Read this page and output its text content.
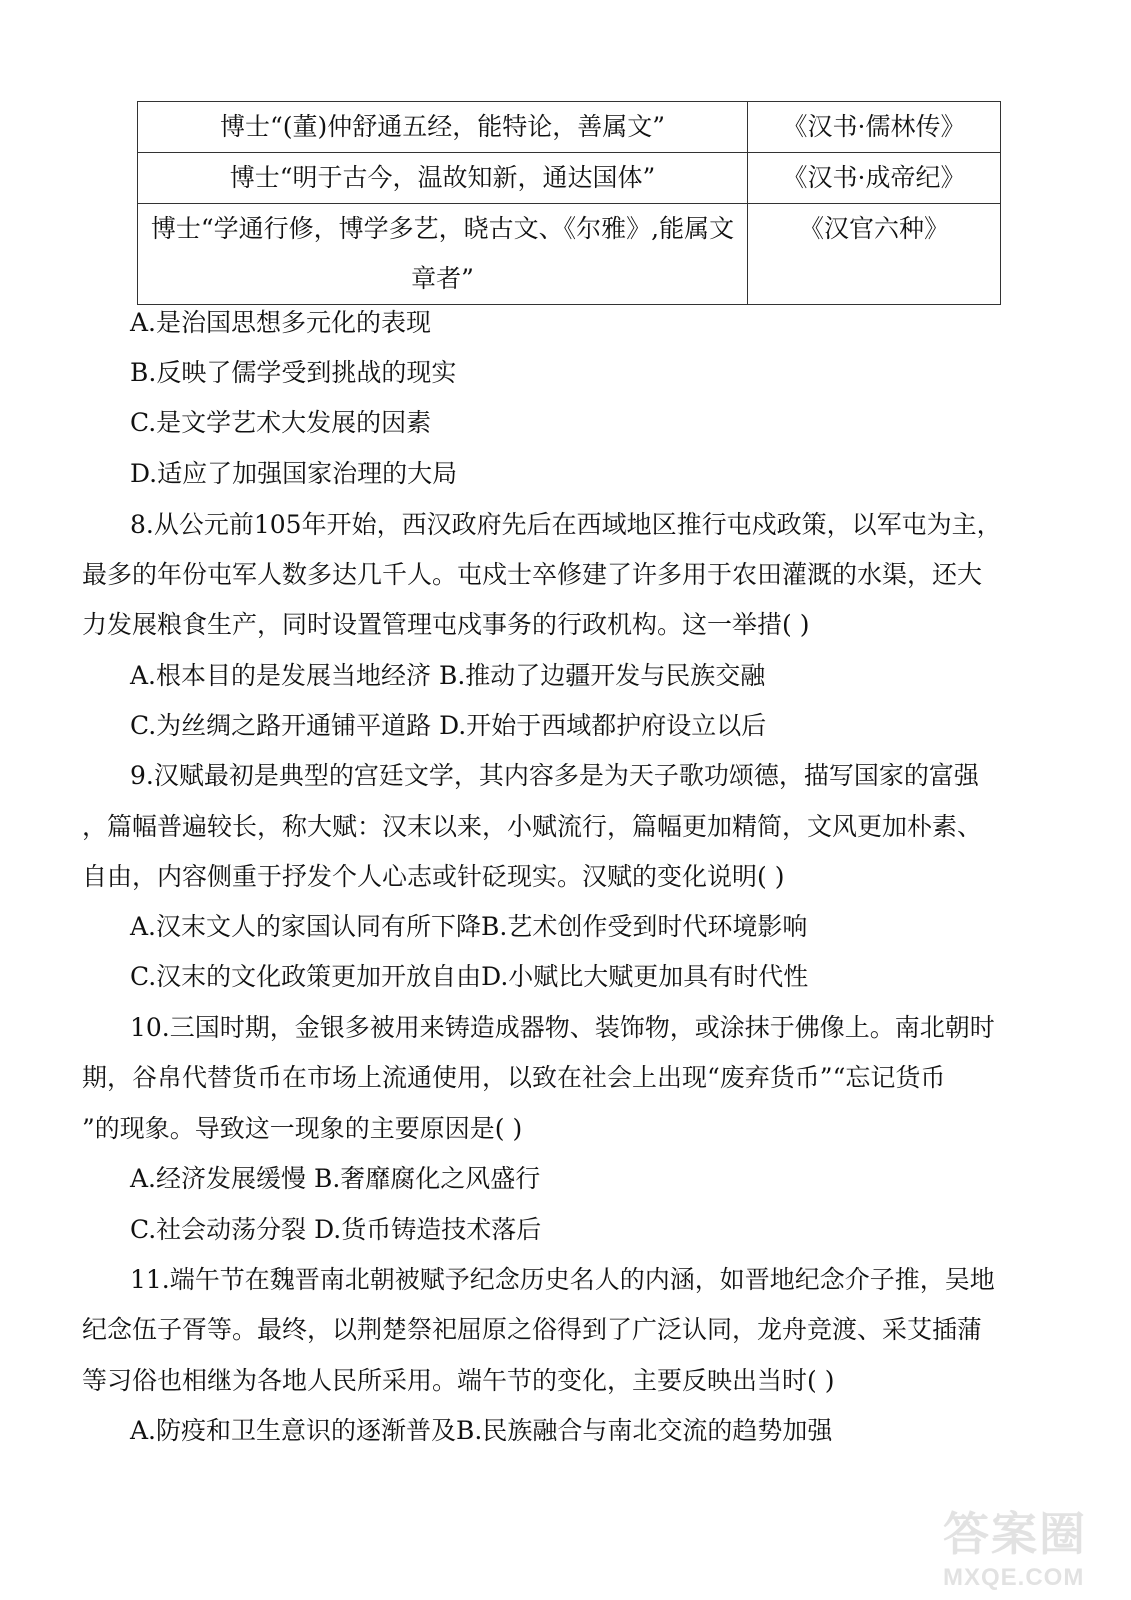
博士“(董)仲舒通五经，能特论，善属文”	《汉书·儒林传》
博士“明于古今，温故知新，通达国体”	《汉书·成帝纪》
博士“学通行修，博学多艺，晓古文、《尔雅》,能属文章者”	《汉官六种》
A.是治国思想多元化的表现
B.反映了儒学受到挑战的现实
C.是文学艺术大发展的因素
D.适应了加强国家治理的大局
8.从公元前105年开始，西汉政府先后在西域地区推行屯戍政策，以军屯为主，
最多的年份屯军人数多达几千人。屯戍士卒修建了许多用于农田灌溉的水渠，还大
力发展粮食生产，同时设置管理屯戍事务的行政机构。这一举措( )
A.根本目的是发展当地经济 B.推动了边疆开发与民族交融
C.为丝绸之路开通铺平道路 D.开始于西域都护府设立以后
9.汉赋最初是典型的宫廷文学，其内容多是为天子歌功颂德，描写国家的富强
，篇幅普遍较长，称大赋：汉末以来，小赋流行，篇幅更加精简，文风更加朴素、
自由，内容侧重于抒发个人心志或针砭现实。汉赋的变化说明( )
A.汉末文人的家国认同有所下降B.艺术创作受到时代环境影响
C.汉末的文化政策更加开放自由D.小赋比大赋更加具有时代性
10.三国时期，金银多被用来铸造成器物、装饰物，或涂抹于佛像上。南北朝时
期，谷帛代替货币在市场上流通使用，以致在社会上出现“废弃货币”“忘记货币
”的现象。导致这一现象的主要原因是( )
A.经济发展缓慢 B.奢靡腐化之风盛行
C.社会动荡分裂 D.货币铸造技术落后
11.端午节在魏晋南北朝被赋予纪念历史名人的内涵，如晋地纪念介子推，吴地
纪念伍子胥等。最终，以荆楚祭祀屈原之俗得到了广泛认同，龙舟竞渡、采艾插蒲
等习俗也相继为各地人民所采用。端午节的变化，主要反映出当时( )
A.防疫和卫生意识的逐渐普及B.民族融合与南北交流的趋势加强
答案圈
MXQE.COM
